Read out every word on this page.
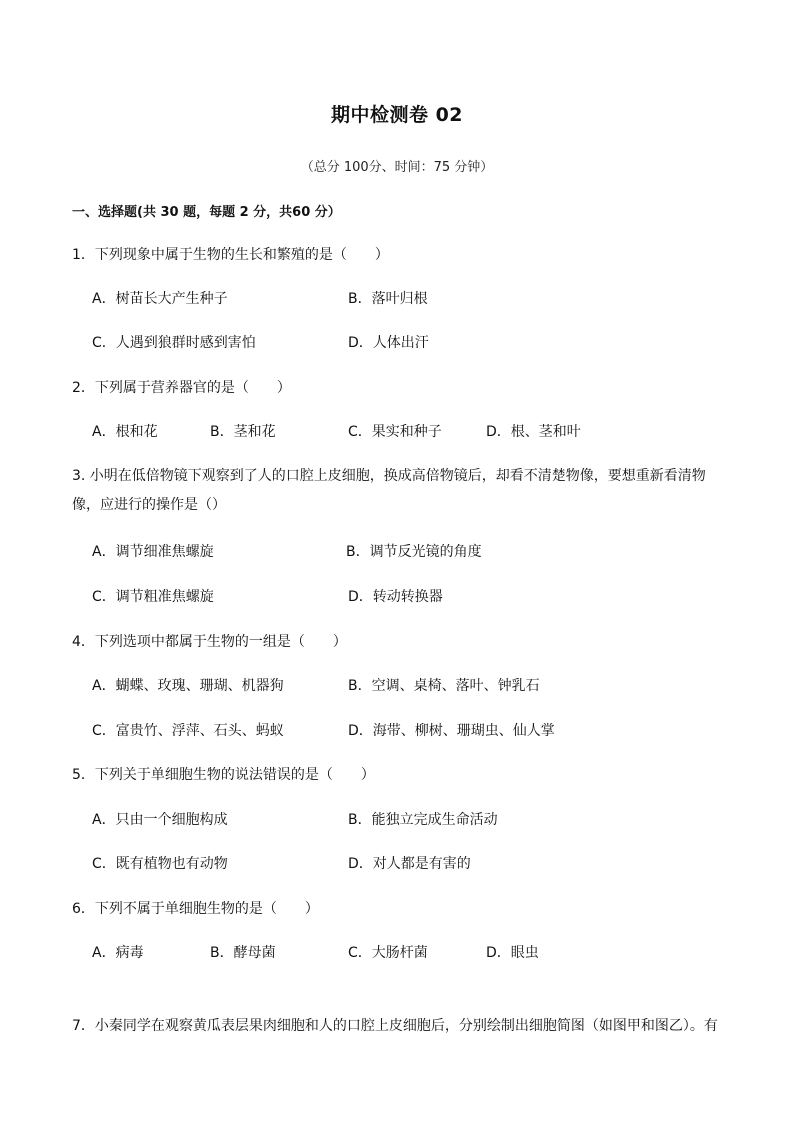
期中检测卷 02
（总分 100分、时间：75 分钟）
一、选择题(共 30 题，每题 2 分，共60 分）
1．下列现象中属于生物的生长和繁殖的是（　　）
A．树苗长大产生种子	B．落叶归根
C．人遇到狼群时感到害怕	D．人体出汗
2．下列属于营养器官的是（　　）
A．根和花	B．茎和花	C．果实和种子	D．根、茎和叶
3. 小明在低倍物镜下观察到了人的口腔上皮细胞，换成高倍物镜后，却看不清楚物像，要想重新看清物像，应进行的操作是（）
A．调节细准焦螺旋	B．调节反光镜的角度
C．调节粗准焦螺旋	D．转动转换器
4．下列选项中都属于生物的一组是（　　）
A．蝴蝶、玫瑰、珊瑚、机器狗	B．空调、桌椅、落叶、钟乳石
C．富贵竹、浮萍、石头、蚂蚁	D．海带、柳树、珊瑚虫、仙人掌
5．下列关于单细胞生物的说法错误的是（　　）
A．只由一个细胞构成	B．能独立完成生命活动
C．既有植物也有动物	D．对人都是有害的
6．下列不属于单细胞生物的是（　　）
A．病毒	B．酵母菌	C．大肠杆菌	D．眼虫
7．小秦同学在观察黄瓜表层果肉细胞和人的口腔上皮细胞后，分别绘制出细胞简图（如图甲和图乙）。有
